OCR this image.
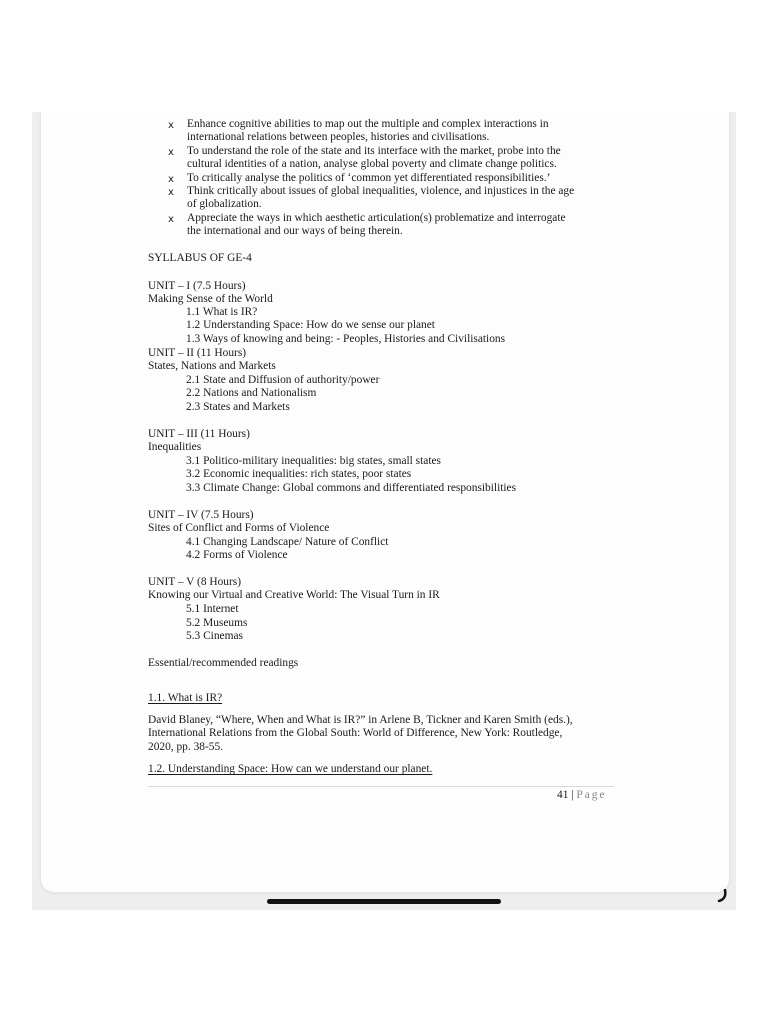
x Enhance cognitive abilities to map out the multiple and complex interactions in
international relations between peoples, histories and civilisations.
x To understand the role of the state and its interface with the market, probe into the
cultural identities of a nation, analyse global poverty and climate change politics.
x To critically analyse the politics of ‘common yet differentiated responsibilities.’
x Think critically about issues of global inequalities, violence, and injustices in the age
of globalization.
x Appreciate the ways in which aesthetic articulation(s) problematize and interrogate
the international and our ways of being therein.
SYLLABUS OF GE-4
UNIT – I (7.5 Hours)
Making Sense of the World
1.1 What is IR?
1.2 Understanding Space: How do we sense our planet
1.3 Ways of knowing and being: - Peoples, Histories and Civilisations
UNIT – II (11 Hours)
States, Nations and Markets
2.1 State and Diffusion of authority/power
2.2 Nations and Nationalism
2.3 States and Markets
UNIT – III (11 Hours)
Inequalities
3.1 Politico-military inequalities: big states, small states
3.2 Economic inequalities: rich states, poor states
3.3 Climate Change: Global commons and differentiated responsibilities
UNIT – IV (7.5 Hours)
Sites of Conflict and Forms of Violence
4.1 Changing Landscape/ Nature of Conflict
4.2 Forms of Violence
UNIT – V (8 Hours)
Knowing our Virtual and Creative World: The Visual Turn in IR
5.1 Internet
5.2 Museums
5.3 Cinemas
Essential/recommended readings
1.1. What is IR?
David Blaney, “Where, When and What is IR?” in Arlene B, Tickner and Karen Smith (eds.),
International Relations from the Global South: World of Difference, New York: Routledge,
2020, pp. 38-55.
1.2. Understanding Space: How can we understand our planet.
41 | Page
